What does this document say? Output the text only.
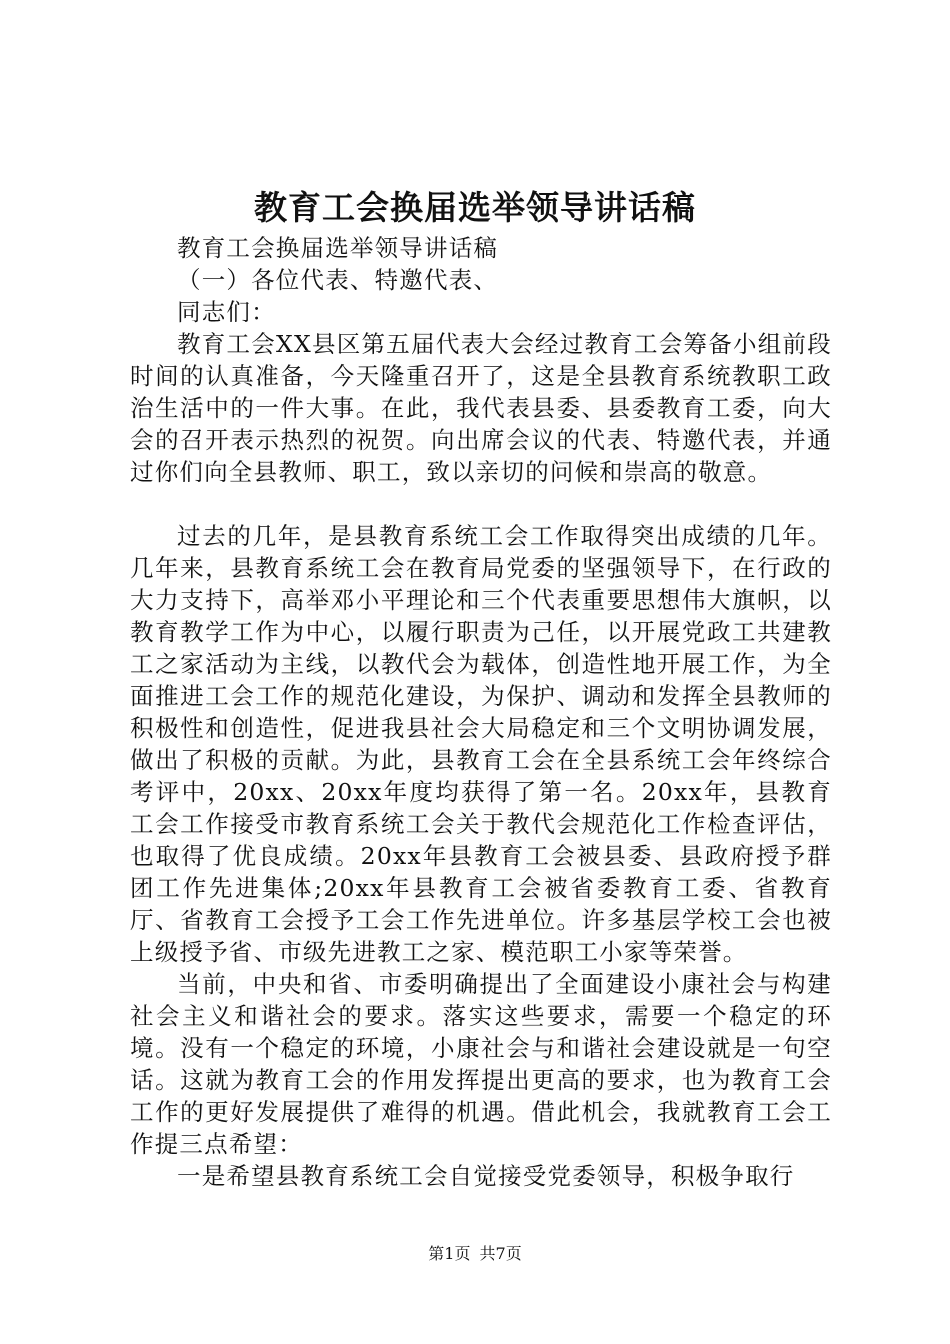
教育工会换届选举领导讲话稿

教育工会换届选举领导讲话稿

（一）各位代表、特邀代表、

同志们：

教育工会XX县区第五届代表大会经过教育工会筹备小组前段时间的认真准备，今天隆重召开了，这是全县教育系统教职工政治生活中的一件大事。在此，我代表县委、县委教育工委，向大会的召开表示热烈的祝贺。向出席会议的代表、特邀代表，并通过你们向全县教师、职工，致以亲切的问候和崇高的敬意。

过去的几年，是县教育系统工会工作取得突出成绩的几年。几年来，县教育系统工会在教育局党委的坚强领导下，在行政的大力支持下，高举邓小平理论和三个代表重要思想伟大旗帜，以教育教学工作为中心，以履行职责为己任，以开展党政工共建教工之家活动为主线，以教代会为载体，创造性地开展工作，为全面推进工会工作的规范化建设，为保护、调动和发挥全县教师的积极性和创造性，促进我县社会大局稳定和三个文明协调发展，做出了积极的贡献。为此，县教育工会在全县系统工会年终综合考评中，20xx、20xx年度均获得了第一名。20xx年，县教育工会工作接受市教育系统工会关于教代会规范化工作检查评估，也取得了优良成绩。20xx年县教育工会被县委、县政府授予群团工作先进集体;20xx年县教育工会被省委教育工委、省教育厅、省教育工会授予工会工作先进单位。许多基层学校工会也被上级授予省、市级先进教工之家、模范职工小家等荣誉。

当前，中央和省、市委明确提出了全面建设小康社会与构建社会主义和谐社会的要求。落实这些要求，需要一个稳定的环境。没有一个稳定的环境，小康社会与和谐社会建设就是一句空话。这就为教育工会的作用发挥提出更高的要求，也为教育工会工作的更好发展提供了难得的机遇。借此机会，我就教育工会工作提三点希望：

一是希望县教育系统工会自觉接受党委领导，积极争取行

第1页 共7页
